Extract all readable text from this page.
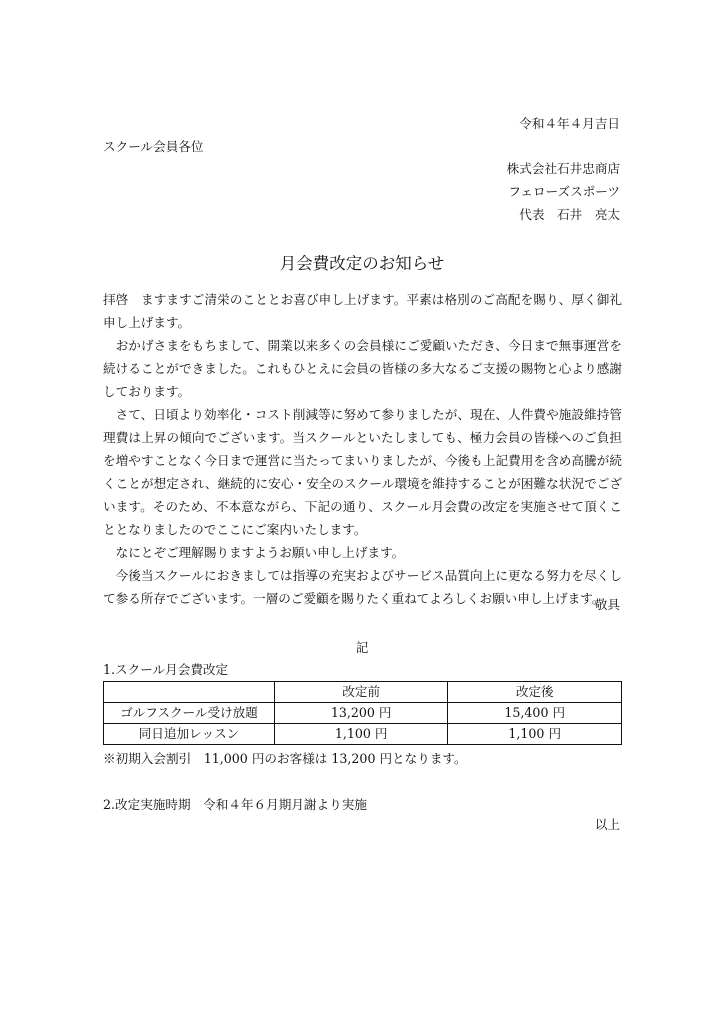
令和４年４月吉日
スクール会員各位
株式会社石井忠商店
フェローズスポーツ
代表　石井　亮太
月会費改定のお知らせ

拝啓　ますますご清栄のこととお喜び申し上げます。平素は格別のご高配を賜り、厚く御礼申し上げます。

おかげさまをもちまして、開業以来多くの会員様にご愛顧いただき、今日まで無事運営を続けることができました。これもひとえに会員の皆様の多大なるご支援の賜物と心より感謝しております。

さて、日頃より効率化・コスト削減等に努めて参りましたが、現在、人件費や施設維持管理費は上昇の傾向でございます。当スクールといたしましても、極力会員の皆様へのご負担を増やすことなく今日まで運営に当たってまいりましたが、今後も上記費用を含め高騰が続くことが想定され、継続的に安心・安全のスクール環境を維持することが困難な状況でございます。そのため、不本意ながら、下記の通り、スクール月会費の改定を実施させて頂くこととなりましたのでここにご案内いたします。

なにとぞご理解賜りますようお願い申し上げます。

今後当スクールにおきましては指導の充実およびサービス品質向上に更なる努力を尽くして参る所存でございます。一層のご愛顧を賜りたく重ねてよろしくお願い申し上げます。

敬具
記
1.スクール月会費改定
	改定前	改定後
ゴルフスクール受け放題	13,200 円	15,400 円
同日追加レッスン	1,100 円	1,100 円
※初期入会割引　11,000 円のお客様は 13,200 円となります。
2.改定実施時期　令和４年６月期月謝より実施
以上
